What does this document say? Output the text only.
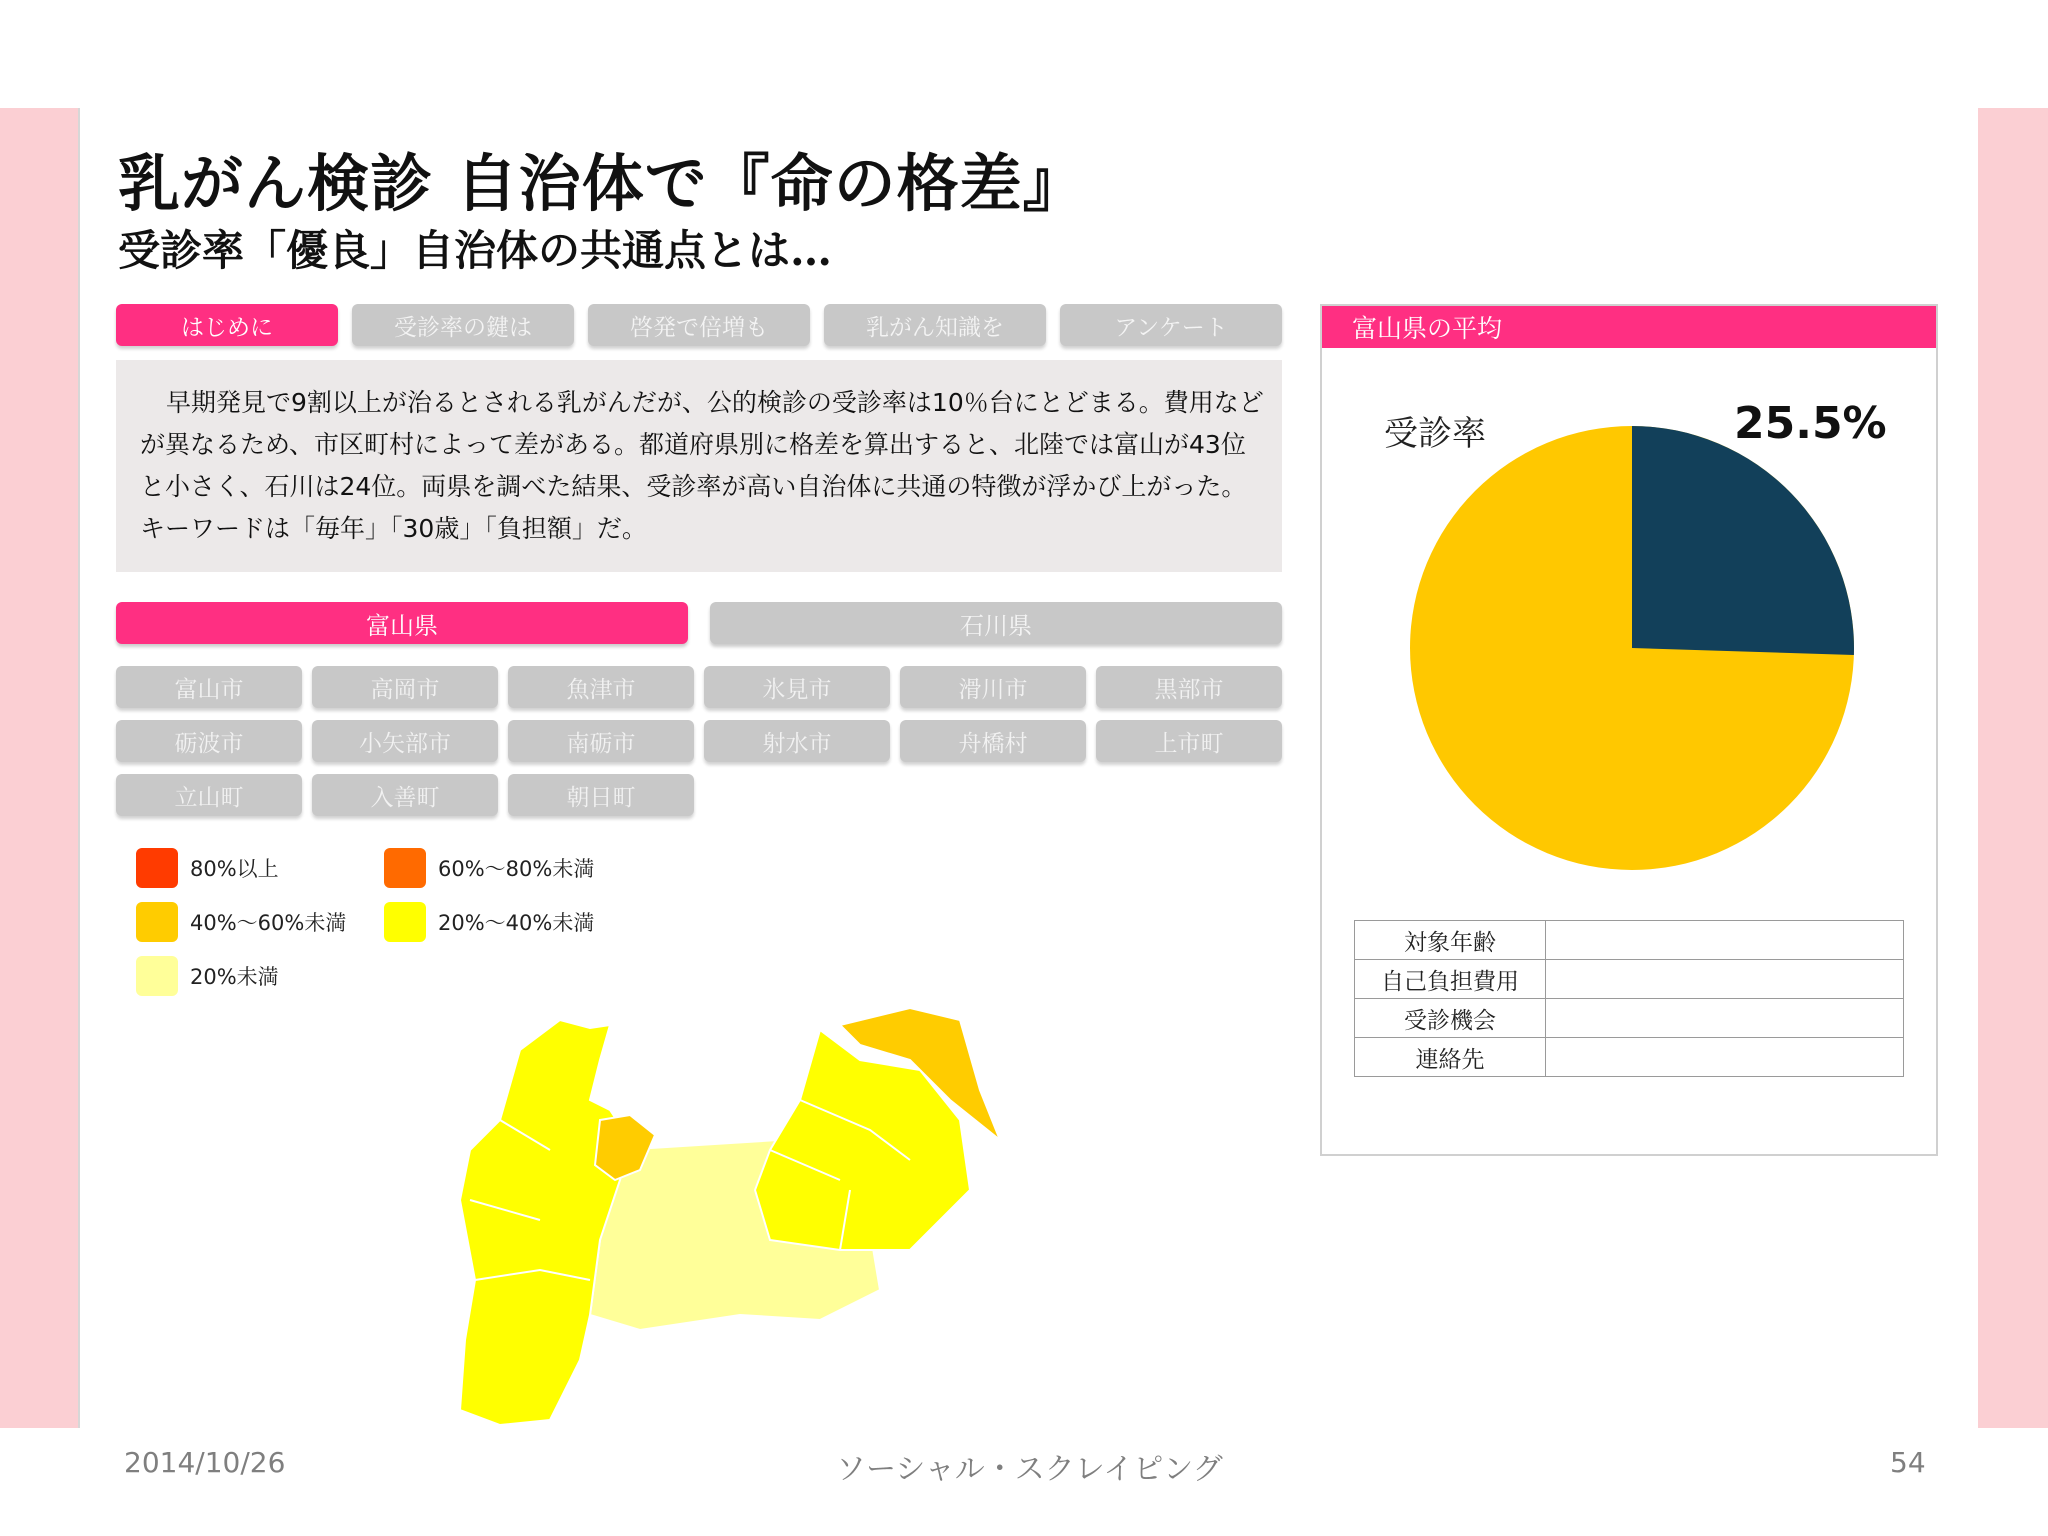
乳がん検診 自治体で『命の格差』
受診率「優良」自治体の共通点とは…
はじめに	受診率の鍵は	啓発で倍増も	乳がん知識を	アンケート

早期発見で9割以上が治るとされる乳がんだが、公的検診の受診率は10％台にとどまる。費用などが異なるため、市区町村によって差がある。都道府県別に格差を算出すると、北陸では富山が43位と小さく、石川は24位。両県を調べた結果、受診率が高い自治体に共通の特徴が浮かび上がった。キーワードは「毎年」「30歳」「負担額」だ。

富山県	石川県
富山市	高岡市	魚津市	氷見市	滑川市	黒部市
砺波市	小矢部市	南砺市	射水市	舟橋村	上市町
立山町	入善町	朝日町
80%以上	60%～80%未満
40%～60%未満	20%～40%未満
20%未満
富山県の平均
受診率	25.5%
対象年齢	
自己負担費用	
受診機会	
連絡先	
2014/10/26	ソーシャル・スクレイピング	54
